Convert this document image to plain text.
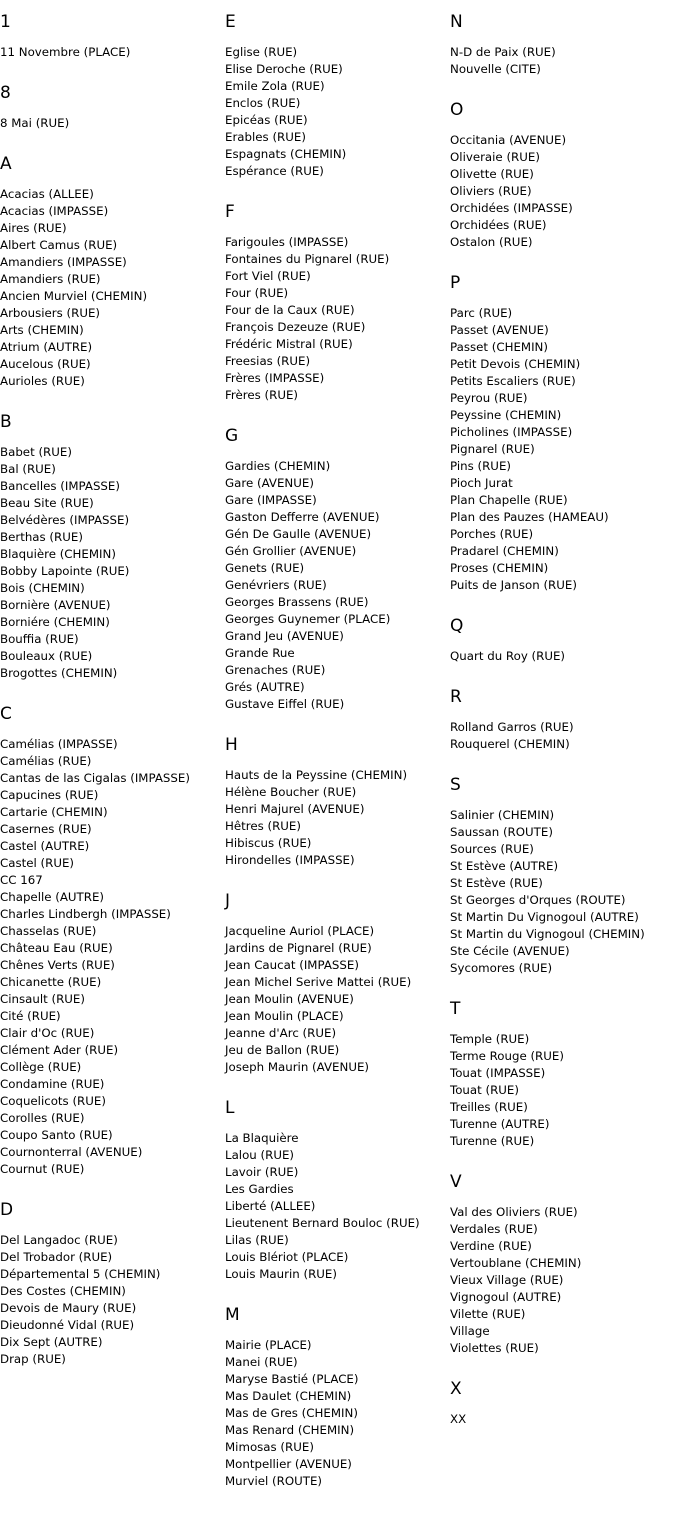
1
11 Novembre (PLACE)
8
8 Mai (RUE)
A
Acacias (ALLEE)
Acacias (IMPASSE)
Aires (RUE)
Albert Camus (RUE)
Amandiers (IMPASSE)
Amandiers (RUE)
Ancien Murviel (CHEMIN)
Arbousiers (RUE)
Arts (CHEMIN)
Atrium (AUTRE)
Aucelous (RUE)
Aurioles (RUE)
B
Babet (RUE)
Bal (RUE)
Bancelles (IMPASSE)
Beau Site (RUE)
Belvédères (IMPASSE)
Berthas (RUE)
Blaquière (CHEMIN)
Bobby Lapointe (RUE)
Bois (CHEMIN)
Bornière (AVENUE)
Borniére (CHEMIN)
Bouffia (RUE)
Bouleaux (RUE)
Brogottes (CHEMIN)
C
Camélias (IMPASSE)
Camélias (RUE)
Cantas de las Cigalas (IMPASSE)
Capucines (RUE)
Cartarie (CHEMIN)
Casernes (RUE)
Castel (AUTRE)
Castel (RUE)
CC 167
Chapelle (AUTRE)
Charles Lindbergh (IMPASSE)
Chasselas (RUE)
Château Eau (RUE)
Chênes Verts (RUE)
Chicanette (RUE)
Cinsault (RUE)
Cité (RUE)
Clair d'Oc (RUE)
Clément Ader (RUE)
Collège (RUE)
Condamine (RUE)
Coquelicots (RUE)
Corolles (RUE)
Coupo Santo (RUE)
Cournonterral (AVENUE)
Cournut (RUE)
D
Del Langadoc (RUE)
Del Trobador (RUE)
Départemental 5 (CHEMIN)
Des Costes (CHEMIN)
Devois de Maury (RUE)
Dieudonné Vidal (RUE)
Dix Sept (AUTRE)
Drap (RUE)
E
Eglise (RUE)
Elise Deroche (RUE)
Emile Zola (RUE)
Enclos (RUE)
Epicéas (RUE)
Erables (RUE)
Espagnats (CHEMIN)
Espérance (RUE)
F
Farigoules (IMPASSE)
Fontaines du Pignarel (RUE)
Fort Viel (RUE)
Four (RUE)
Four de la Caux (RUE)
François Dezeuze (RUE)
Frédéric Mistral (RUE)
Freesias (RUE)
Frères (IMPASSE)
Frères (RUE)
G
Gardies (CHEMIN)
Gare (AVENUE)
Gare (IMPASSE)
Gaston Defferre (AVENUE)
Gén De Gaulle (AVENUE)
Gén Grollier (AVENUE)
Genets (RUE)
Genévriers (RUE)
Georges Brassens (RUE)
Georges Guynemer (PLACE)
Grand Jeu (AVENUE)
Grande Rue
Grenaches (RUE)
Grés (AUTRE)
Gustave Eiffel (RUE)
H
Hauts de la Peyssine (CHEMIN)
Hélène Boucher (RUE)
Henri Majurel (AVENUE)
Hêtres (RUE)
Hibiscus (RUE)
Hirondelles (IMPASSE)
J
Jacqueline Auriol (PLACE)
Jardins de Pignarel (RUE)
Jean Caucat (IMPASSE)
Jean Michel Serive Mattei (RUE)
Jean Moulin (AVENUE)
Jean Moulin (PLACE)
Jeanne d'Arc (RUE)
Jeu de Ballon (RUE)
Joseph Maurin (AVENUE)
L
La Blaquière
Lalou (RUE)
Lavoir (RUE)
Les Gardies
Liberté (ALLEE)
Lieutenent Bernard Bouloc (RUE)
Lilas (RUE)
Louis Blériot (PLACE)
Louis Maurin (RUE)
M
Mairie (PLACE)
Manei (RUE)
Maryse Bastié (PLACE)
Mas Daulet (CHEMIN)
Mas de Gres (CHEMIN)
Mas Renard (CHEMIN)
Mimosas (RUE)
Montpellier (AVENUE)
Murviel (ROUTE)
N
N-D de Paix (RUE)
Nouvelle (CITE)
O
Occitania (AVENUE)
Oliveraie (RUE)
Olivette (RUE)
Oliviers (RUE)
Orchidées (IMPASSE)
Orchidées (RUE)
Ostalon (RUE)
P
Parc (RUE)
Passet (AVENUE)
Passet (CHEMIN)
Petit Devois (CHEMIN)
Petits Escaliers (RUE)
Peyrou (RUE)
Peyssine (CHEMIN)
Picholines (IMPASSE)
Pignarel (RUE)
Pins (RUE)
Pioch Jurat
Plan Chapelle (RUE)
Plan des Pauzes (HAMEAU)
Porches (RUE)
Pradarel (CHEMIN)
Proses (CHEMIN)
Puits de Janson (RUE)
Q
Quart du Roy (RUE)
R
Rolland Garros (RUE)
Rouquerel (CHEMIN)
S
Salinier (CHEMIN)
Saussan (ROUTE)
Sources (RUE)
St Estève (AUTRE)
St Estève (RUE)
St Georges d'Orques (ROUTE)
St Martin Du Vignogoul (AUTRE)
St Martin du Vignogoul (CHEMIN)
Ste Cécile (AVENUE)
Sycomores (RUE)
T
Temple (RUE)
Terme Rouge (RUE)
Touat (IMPASSE)
Touat (RUE)
Treilles (RUE)
Turenne (AUTRE)
Turenne (RUE)
V
Val des Oliviers (RUE)
Verdales (RUE)
Verdine (RUE)
Vertoublane (CHEMIN)
Vieux Village (RUE)
Vignogoul (AUTRE)
Vilette (RUE)
Village
Violettes (RUE)
X
XX
